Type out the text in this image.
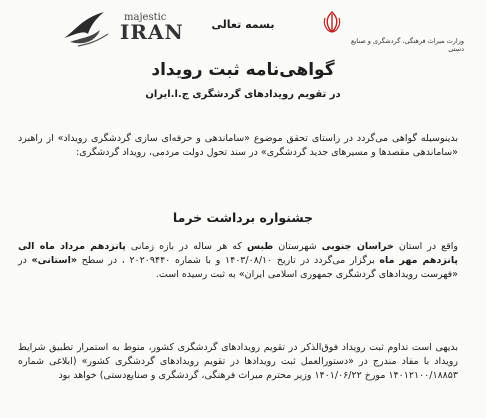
majestic
IRAN	بسمه تعالی
وزارت میراث فرهنگی، گردشگری و صنایع دستی
گواهی‌نامه ثبت رویداد
در تقویم رویدادهای گردشگری ج.ا.ایران
بدینوسیله گواهی می‌گردد در راستای تحقق موضوع «ساماندهی و حرفه‌ای سازی گردشگری رویداد» از راهبرد «ساماندهی مقصدها و مسیرهای جدید گردشگری» در سند تحول دولت مردمی، رویداد گردشگری:
جشنواره برداشت خرما
واقع در استان خراسان جنوبی شهرستان طبس که هر ساله در بازه زمانی پانزدهم مرداد ماه الی پانزدهم مهر ماه برگزار می‌گردد در تاریخ ۱۴۰۳/۰۸/۱۰ و با شماره ۲۰۲۰۹۴۴۰ ، در سطح «استانی» در «فهرست رویدادهای گردشگری جمهوری اسلامی ایران» به ثبت رسیده است.
بدیهی است تداوم ثبت رویداد فوق‌الذکر در تقویم رویدادهای گردشگری کشور، منوط به استمرار تطبیق شرایط رویداد با مفاد مندرج در «دستورالعمل ثبت رویدادها در تقویم رویدادهای گردشگری کشور» (ابلاغی شماره ۱۴۰۱۲۱۰۰/۱۸۸۵۳ مورخ ۱۴۰۱/۰۶/۲۲ وزیر محترم میراث فرهنگی، گردشگری و صنایع‌دستی) خواهد بود
